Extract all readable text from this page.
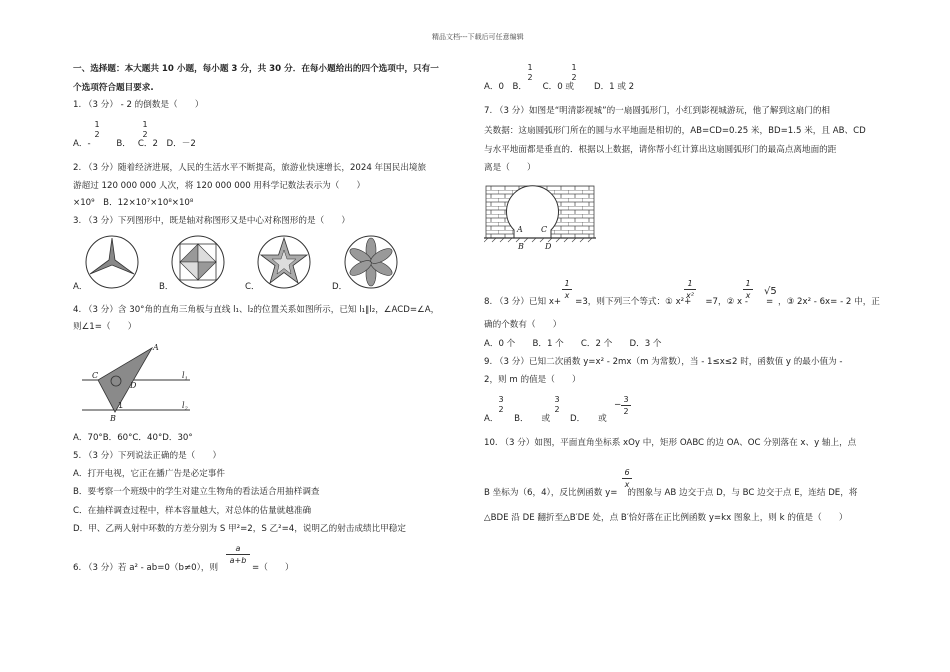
精品文档---下载后可任意编辑
一、选择题：本大题共 10 小题，每小题 3 分，共 30 分．在每小题给出的四个选项中，只有一
个选项符合题目要求.
1. （3 分） - 2 的倒数是（　　）
1
2
1
2
A．-　　　B．　 C．2　D．－2
2. （3 分）随着经济进展，人民的生活水平不断提高，旅游业快速增长，2024 年国民出境旅
游超过 120 000 000 人次，将 120 000 000 用科学记数法表示为（　　）
×10⁹　B．12×10⁷×10⁸×10⁸
3. （3 分）下列图形中，既是轴对称图形又是中心对称图形的是（　　）
A．	B．	C．	D．
4. （3 分）含 30°角的直角三角板与直线 l₁、l₂的位置关系如图所示，已知 l₁∥l₂，∠ACD=∠A，
则∠1=（　　）
A
C
D
1
B
$l_1$
$l_2$
A．70°B．60°C．40°D．30°
5. （3 分）下列说法正确的是（　　）
A．打开电视，它正在播广告是必定事件
B．要考察一个班级中的学生对建立生物角的看法适合用抽样调查
C．在抽样调查过程中，样本容量越大，对总体的估量就越准确
D．甲、乙两人射中环数的方差分别为 S 甲²=2，S 乙²=4，说明乙的射击成绩比甲稳定
6. （3 分）若 a² - ab=0（b≠0），则
a
a+b
=（　　）
1
2
1
2
A．0　B．　　 C．0 或　　 D．1 或 2
7. （3 分）如图是“明清影视城”的一扇圆弧形门，小红到影视城游玩，他了解到这扇门的相
关数据：这扇圆弧形门所在的圆与水平地面是相切的，AB=CD=0.25 米，BD=1.5 米，且 AB、CD
与水平地面都是垂直的．根据以上数据，请你帮小红计算出这扇圆弧形门的最高点离地面的距
离是（　　）
A C
B	D
1
x
1
x²
1
x
8. （3 分）已知 x+ =3，则下列三个等式：① x²+ =7，② x - =
√5
，③ 2x² - 6x= - 2 中，正
确的个数有（　　）
A．0 个　　B．1 个　　C．2 个　　D．3 个
9. （3 分）已知二次函数 y=x² - 2mx（m 为常数），当 - 1≤x≤2 时，函数值 y 的最小值为 -
2，则 m 的值是（　　）
3
2
3
2	−
3
2
A．　　 B．　　或　　 D．　　或
10. （3 分）如图，平面直角坐标系 xOy 中，矩形 OABC 的边 OA、OC 分别落在 x、y 轴上，点
6
x
B 坐标为（6，4），反比例函数 y= 的图象与 AB 边交于点 D，与 BC 边交于点 E，连结 DE，将
△BDE 沿 DE 翻折至△B′DE 处，点 B′恰好落在正比例函数 y=kx 图象上，则 k 的值是（　　）
